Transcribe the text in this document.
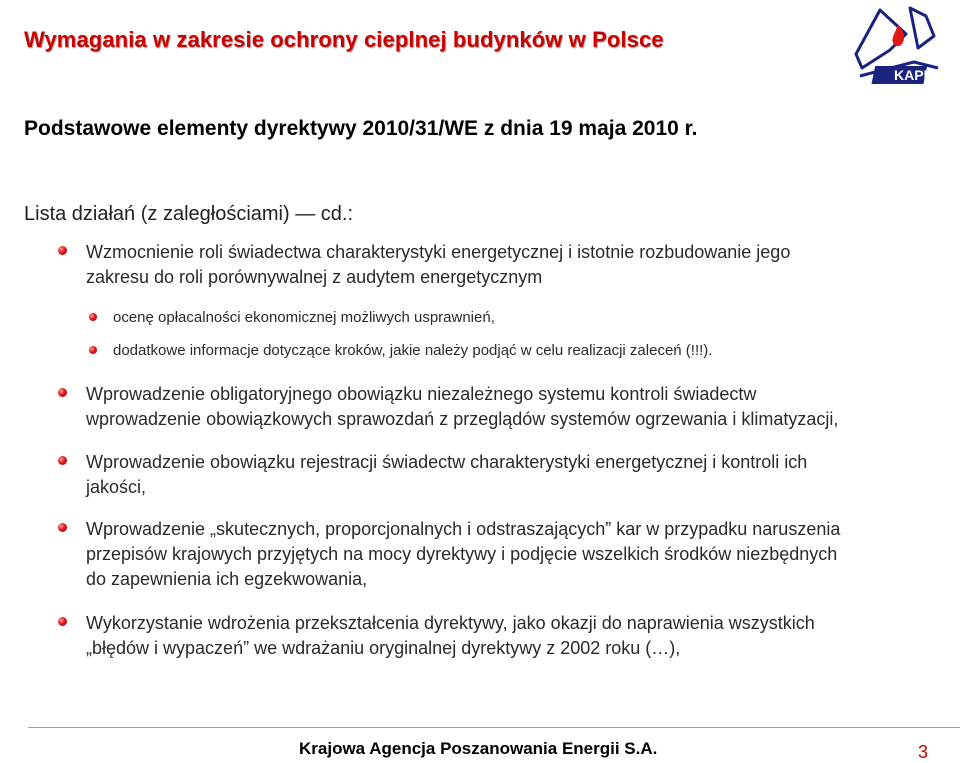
Wymagania w zakresie ochrony cieplnej budynków w Polsce
KAPE
Podstawowe elementy dyrektywy 2010/31/WE z dnia 19 maja 2010 r.
Lista działań (z zaległościami) — cd.:
Wzmocnienie roli świadectwa charakterystyki energetycznej i istotnie rozbudowanie jego
zakresu do roli porównywalnej z audytem energetycznym
ocenę opłacalności ekonomicznej możliwych usprawnień,
dodatkowe informacje dotyczące kroków, jakie należy podjąć w celu realizacji zaleceń (!!!).
Wprowadzenie obligatoryjnego obowiązku niezależnego systemu kontroli świadectw
wprowadzenie obowiązkowych sprawozdań z przeglądów systemów ogrzewania i klimatyzacji,
Wprowadzenie obowiązku rejestracji świadectw charakterystyki energetycznej i kontroli ich
jakości,
Wprowadzenie „skutecznych, proporcjonalnych i odstraszających” kar w przypadku naruszenia
przepisów krajowych przyjętych na mocy dyrektywy i podjęcie wszelkich środków niezbędnych
do zapewnienia ich egzekwowania,
Wykorzystanie wdrożenia przekształcenia dyrektywy, jako okazji do naprawienia wszystkich
„błędów i wypaczeń” we wdrażaniu oryginalnej dyrektywy z 2002 roku (…),
Krajowa Agencja Poszanowania Energii S.A.	3
